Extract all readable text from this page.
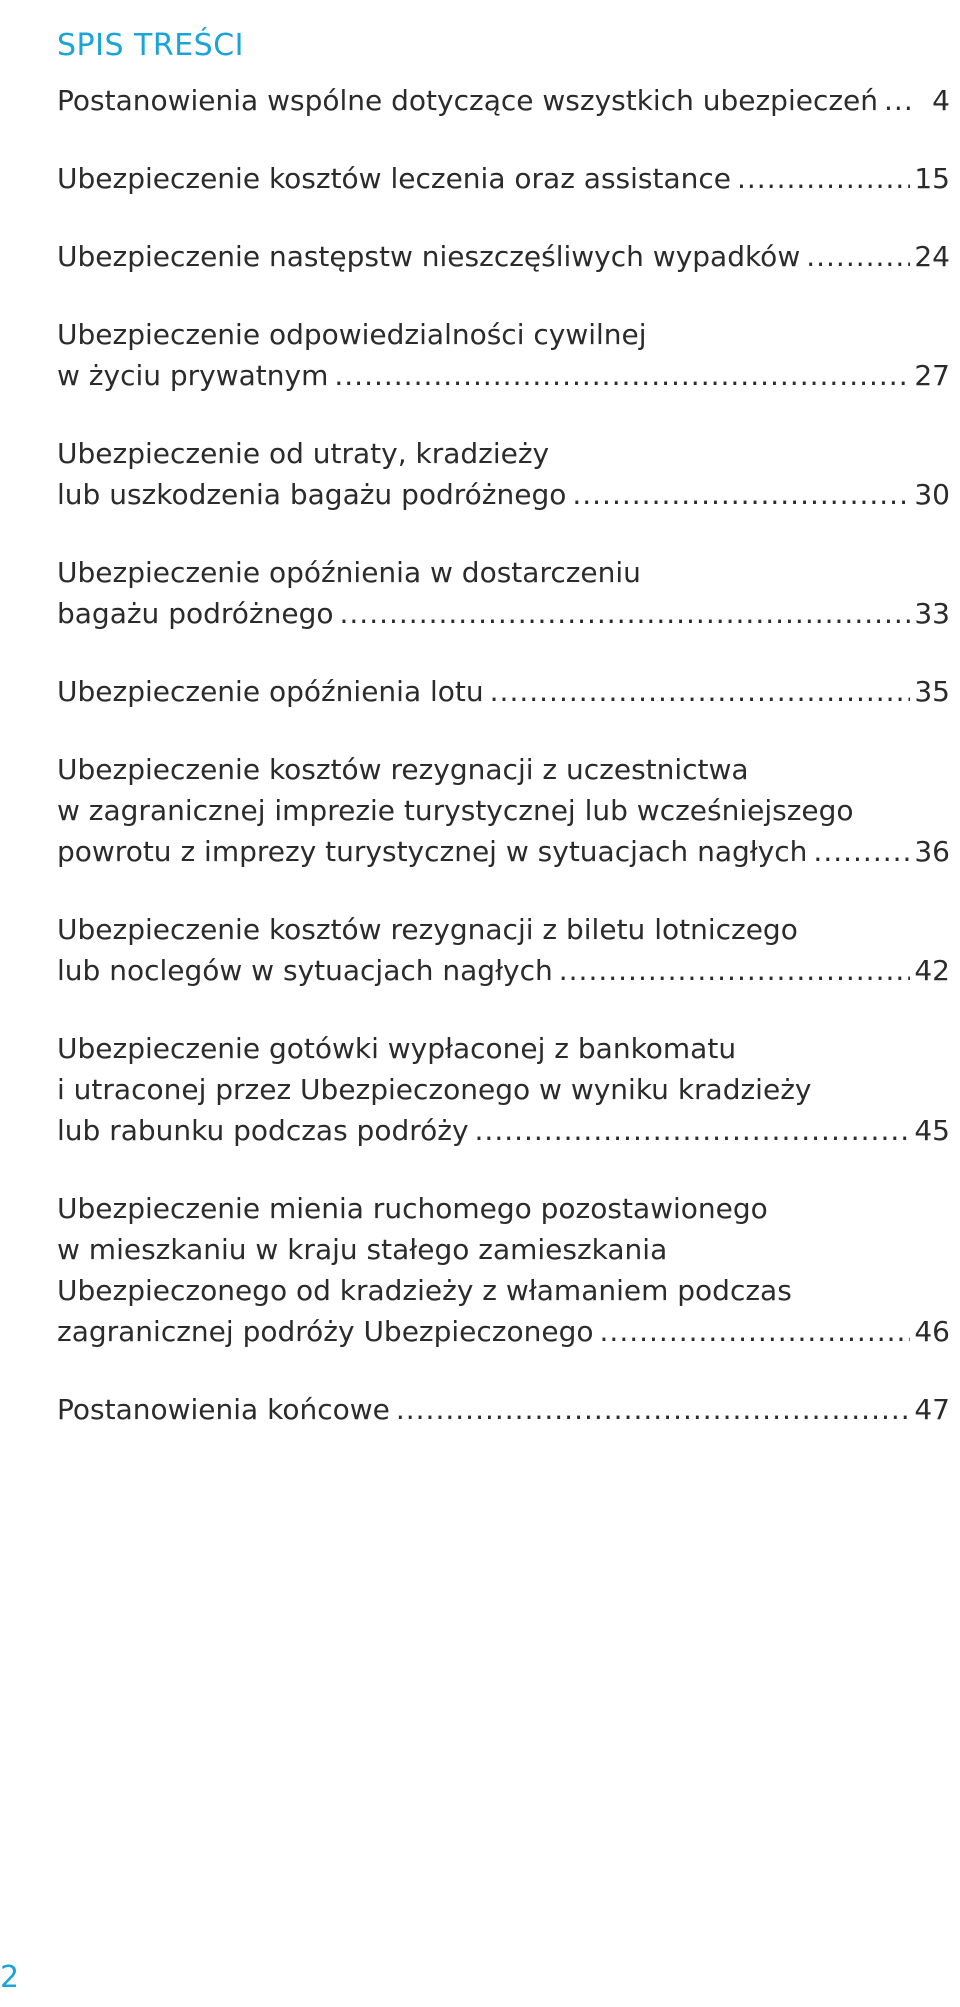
SPIS TREŚCI
Postanowienia wspólne dotyczące wszystkich ubezpieczeń .....	4
Ubezpieczenie kosztów leczenia oraz assistance .....	15
Ubezpieczenie następstw nieszczęśliwych wypadków .....	24
Ubezpieczenie odpowiedzialności cywilnej
w życiu prywatnym .....	27
Ubezpieczenie od utraty, kradzieży
lub uszkodzenia bagażu podróżnego .....	30
Ubezpieczenie opóźnienia w dostarczeniu
bagażu podróżnego .....	33
Ubezpieczenie opóźnienia lotu .....	35
Ubezpieczenie kosztów rezygnacji z uczestnictwa
w zagranicznej imprezie turystycznej lub wcześniejszego
powrotu z imprezy turystycznej w sytuacjach nagłych .....	36
Ubezpieczenie kosztów rezygnacji z biletu lotniczego
lub noclegów w sytuacjach nagłych .....	42
Ubezpieczenie gotówki wypłaconej z bankomatu
i utraconej przez Ubezpieczonego w wyniku kradzieży
lub rabunku podczas podróży .....	45
Ubezpieczenie mienia ruchomego pozostawionego
w mieszkaniu w kraju stałego zamieszkania
Ubezpieczonego od kradzieży z włamaniem podczas
zagranicznej podróży Ubezpieczonego .....	46
Postanowienia końcowe .....	47
2
